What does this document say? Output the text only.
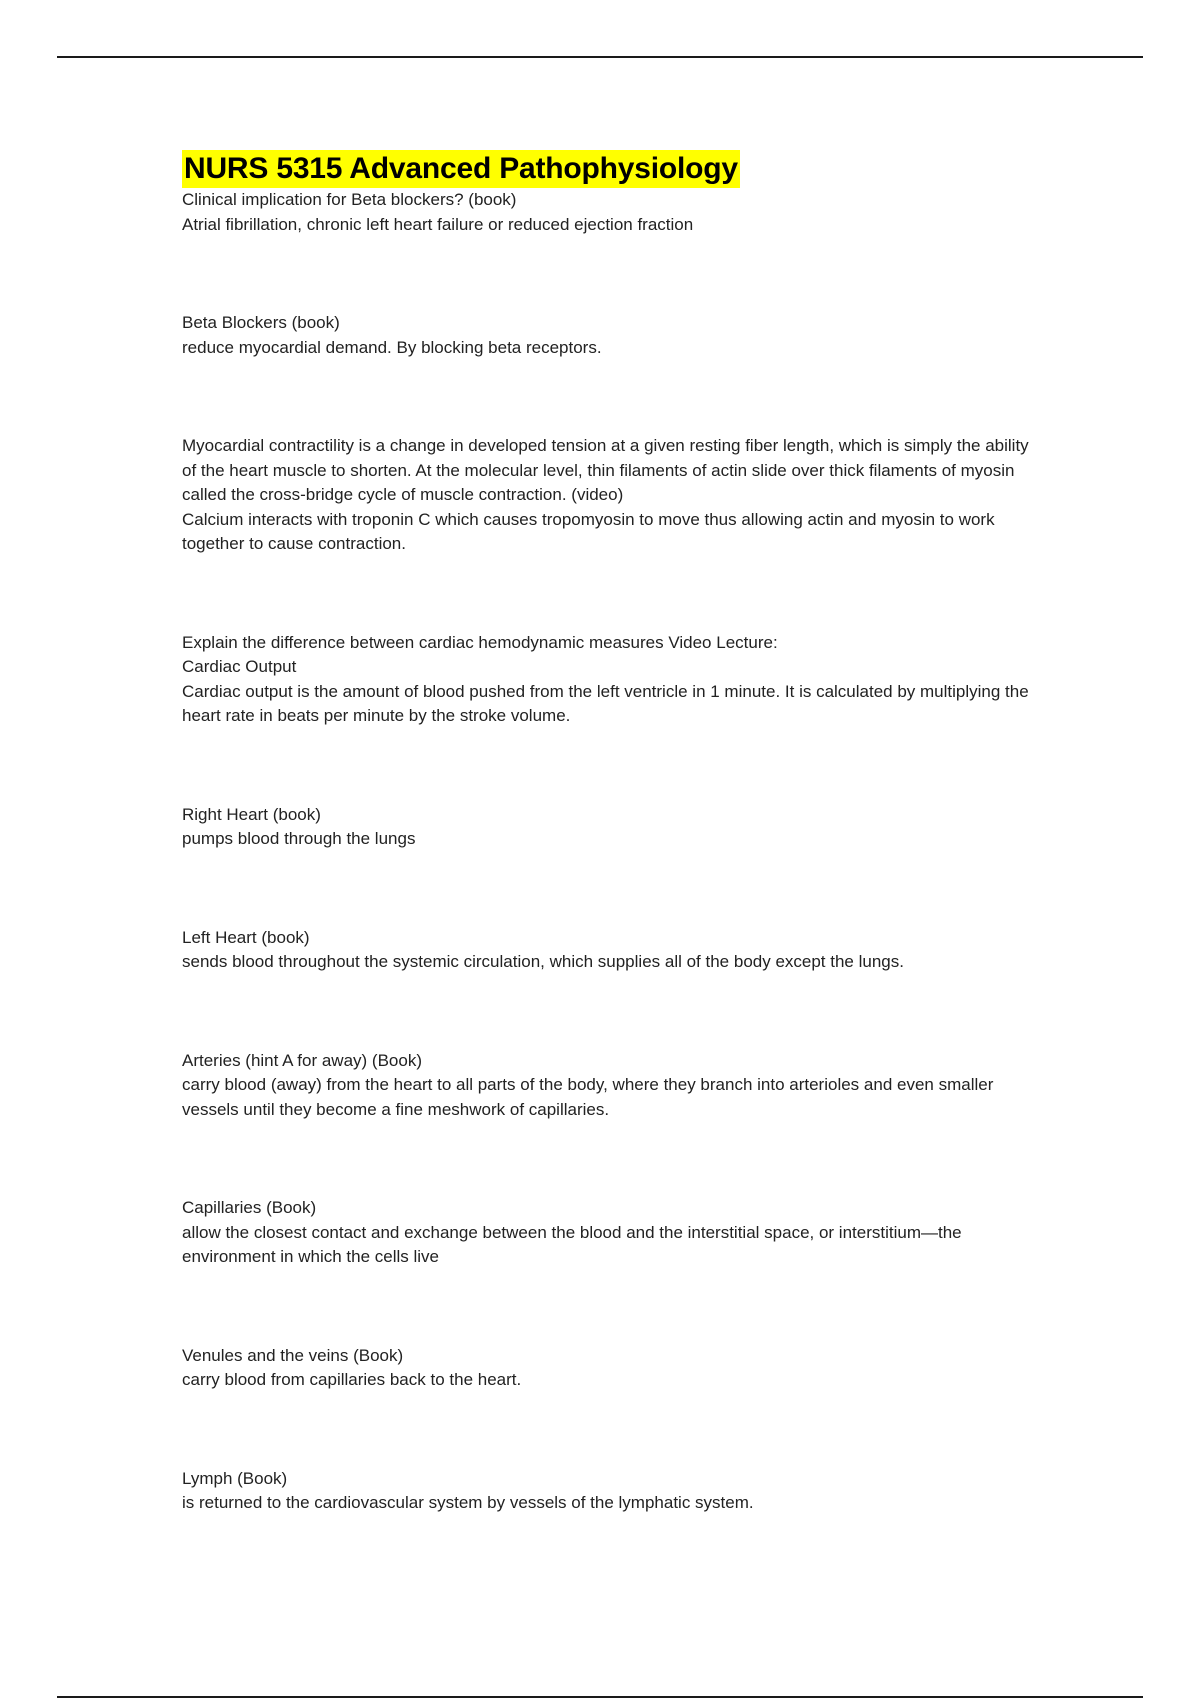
NURS 5315 Advanced Pathophysiology

Clinical implication for Beta blockers? (book)

Atrial fibrillation, chronic left heart failure or reduced ejection fraction

Beta Blockers (book)

reduce myocardial demand. By blocking beta receptors.

Myocardial contractility is a change in developed tension at a given resting fiber length, which is simply the ability of the heart muscle to shorten. At the molecular level, thin filaments of actin slide over thick filaments of myosin called the cross-bridge cycle of muscle contraction. (video)

Calcium interacts with troponin C which causes tropomyosin to move thus allowing actin and myosin to work together to cause contraction.

Explain the difference between cardiac hemodynamic measures Video Lecture:

Cardiac Output

Cardiac output is the amount of blood pushed from the left ventricle in 1 minute. It is calculated by multiplying the heart rate in beats per minute by the stroke volume.

Right Heart (book)

pumps blood through the lungs

Left Heart (book)

sends blood throughout the systemic circulation, which supplies all of the body except the lungs.

Arteries (hint A for away) (Book)

carry blood (away) from the heart to all parts of the body, where they branch into arterioles and even smaller vessels until they become a fine meshwork of capillaries.

Capillaries (Book)

allow the closest contact and exchange between the blood and the interstitial space, or interstitium—the environment in which the cells live

Venules and the veins (Book)

carry blood from capillaries back to the heart.

Lymph (Book)

is returned to the cardiovascular system by vessels of the lymphatic system.
